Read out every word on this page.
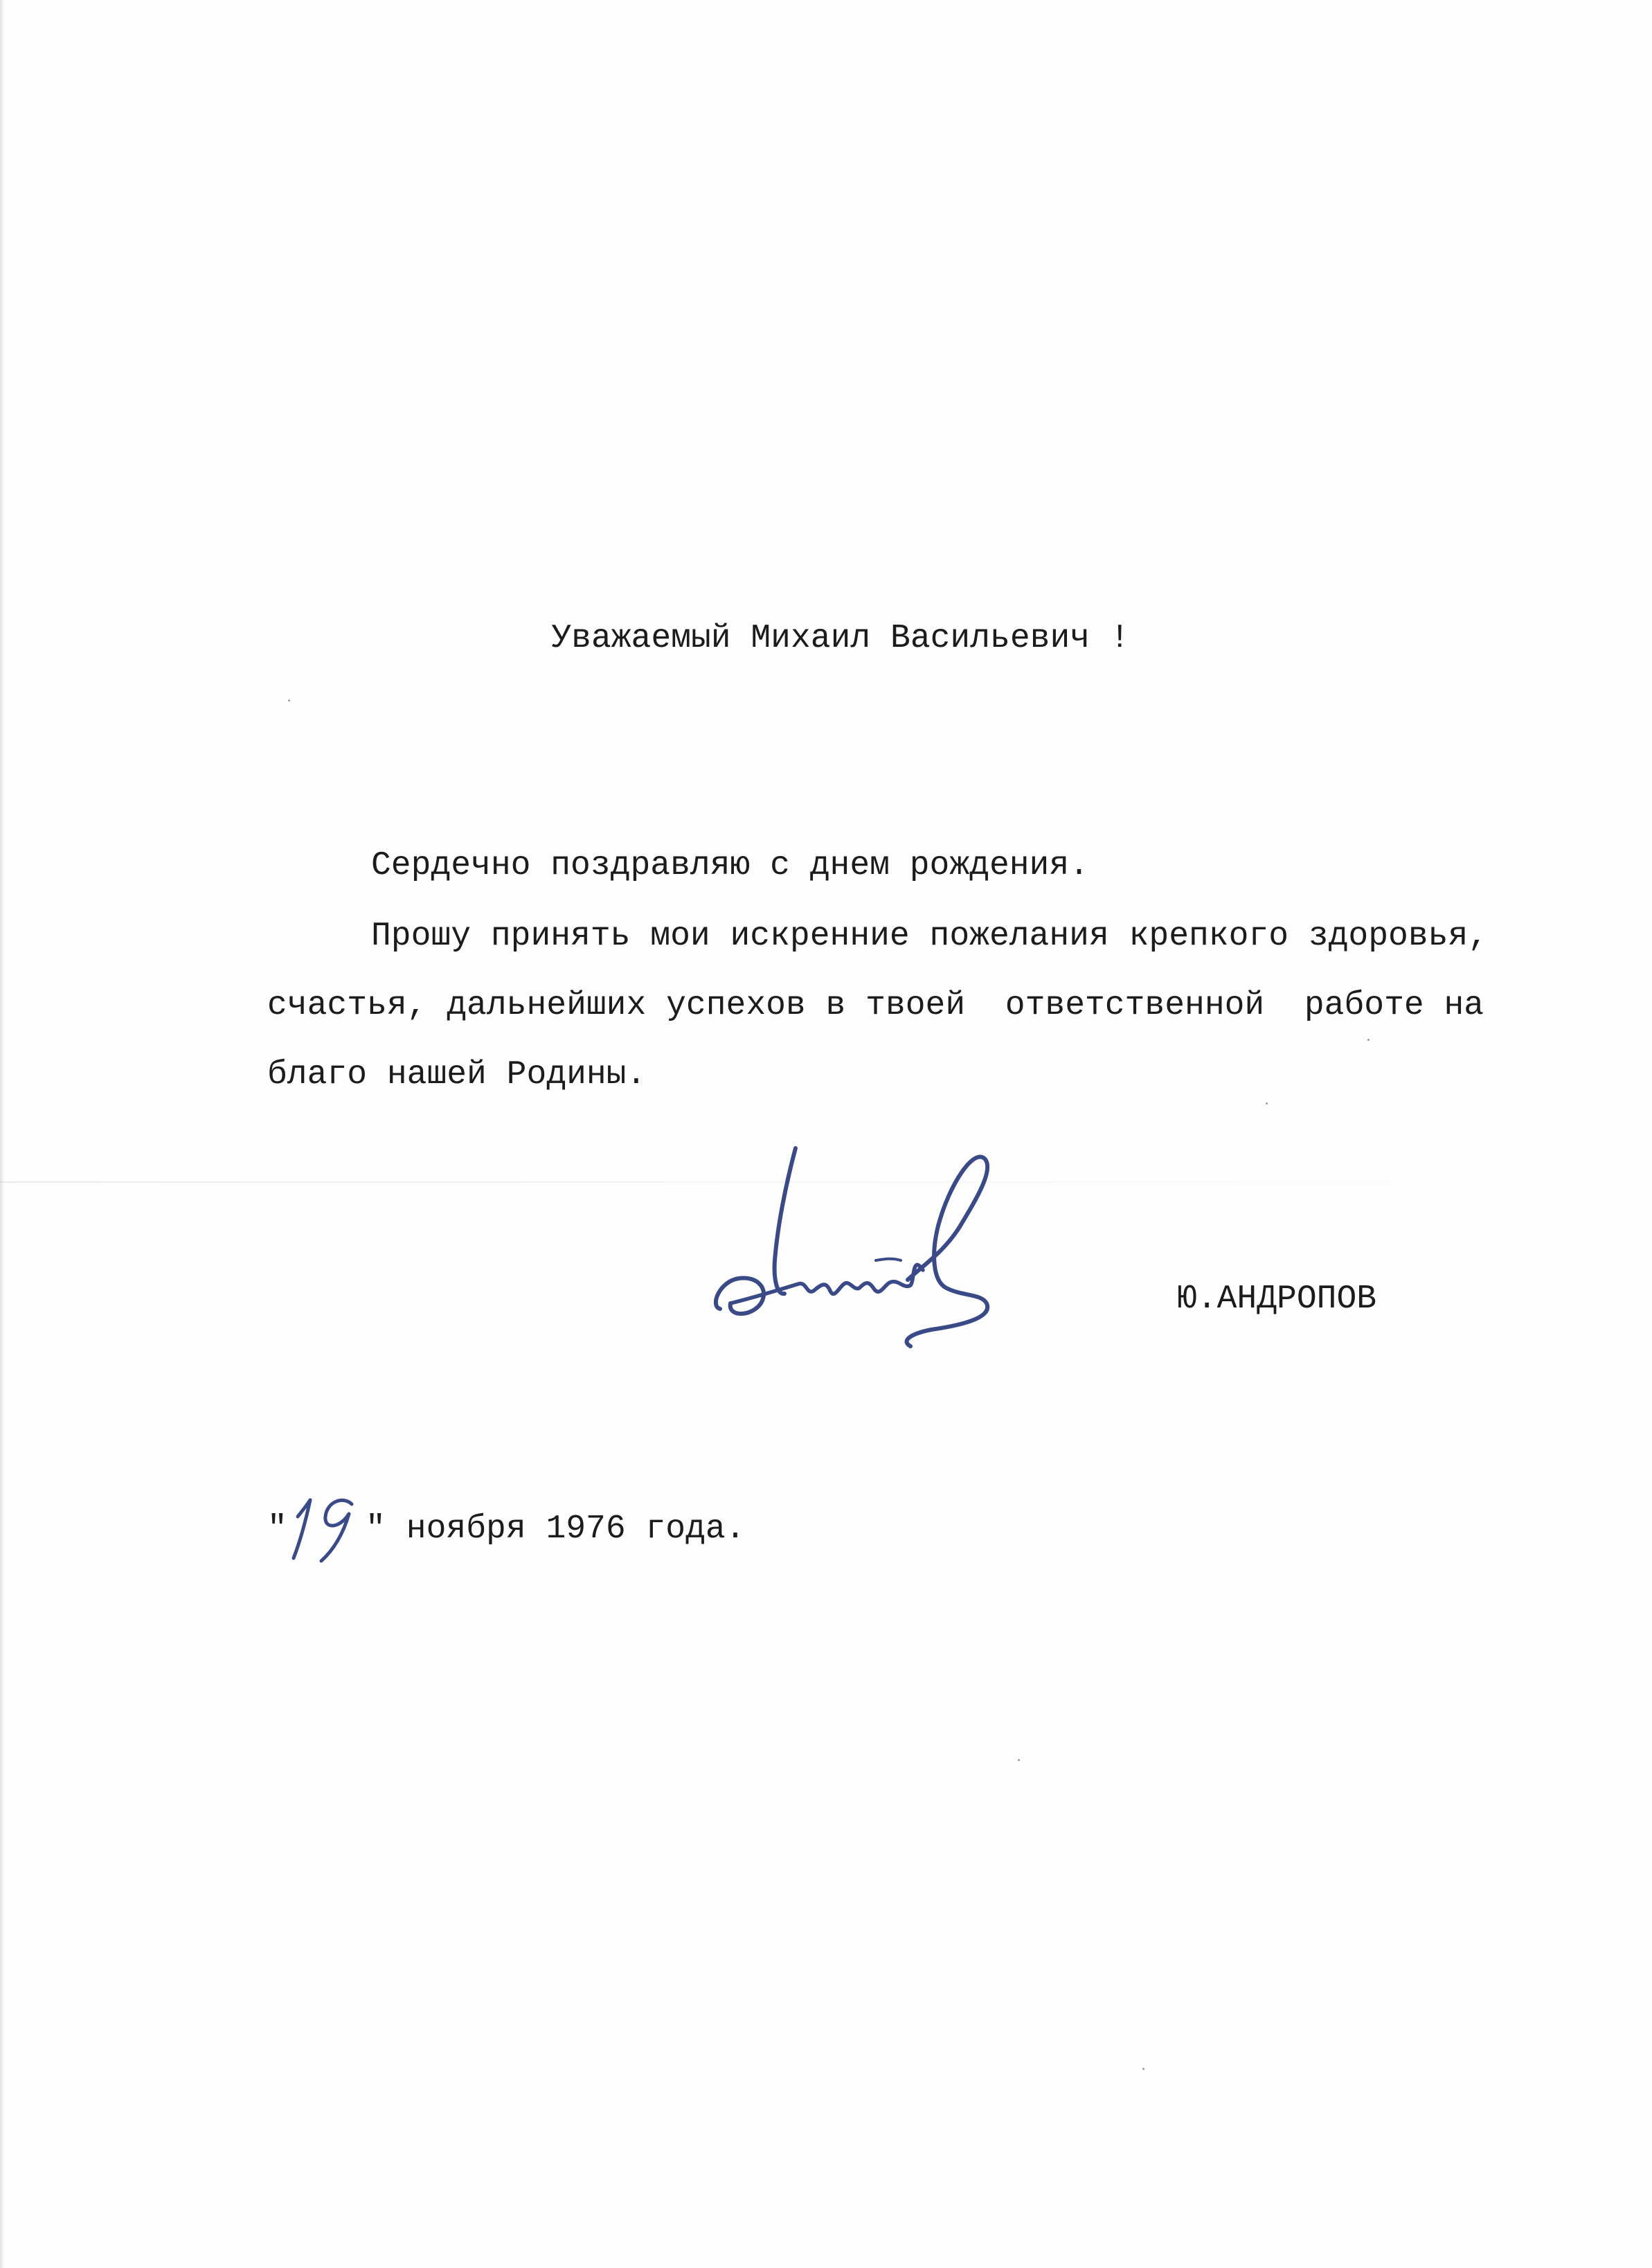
Уважаемый Михаил Васильевич !

Сердечно поздравляю с днем рождения.

Прошу принять мои искренние пожелания крепкого здоровья,

счастья, дальнейших успехов в твоей  ответственной  работе на

благо нашей Родины.

Ю.АНДРОПОВ

" " ноября 1976 года.
